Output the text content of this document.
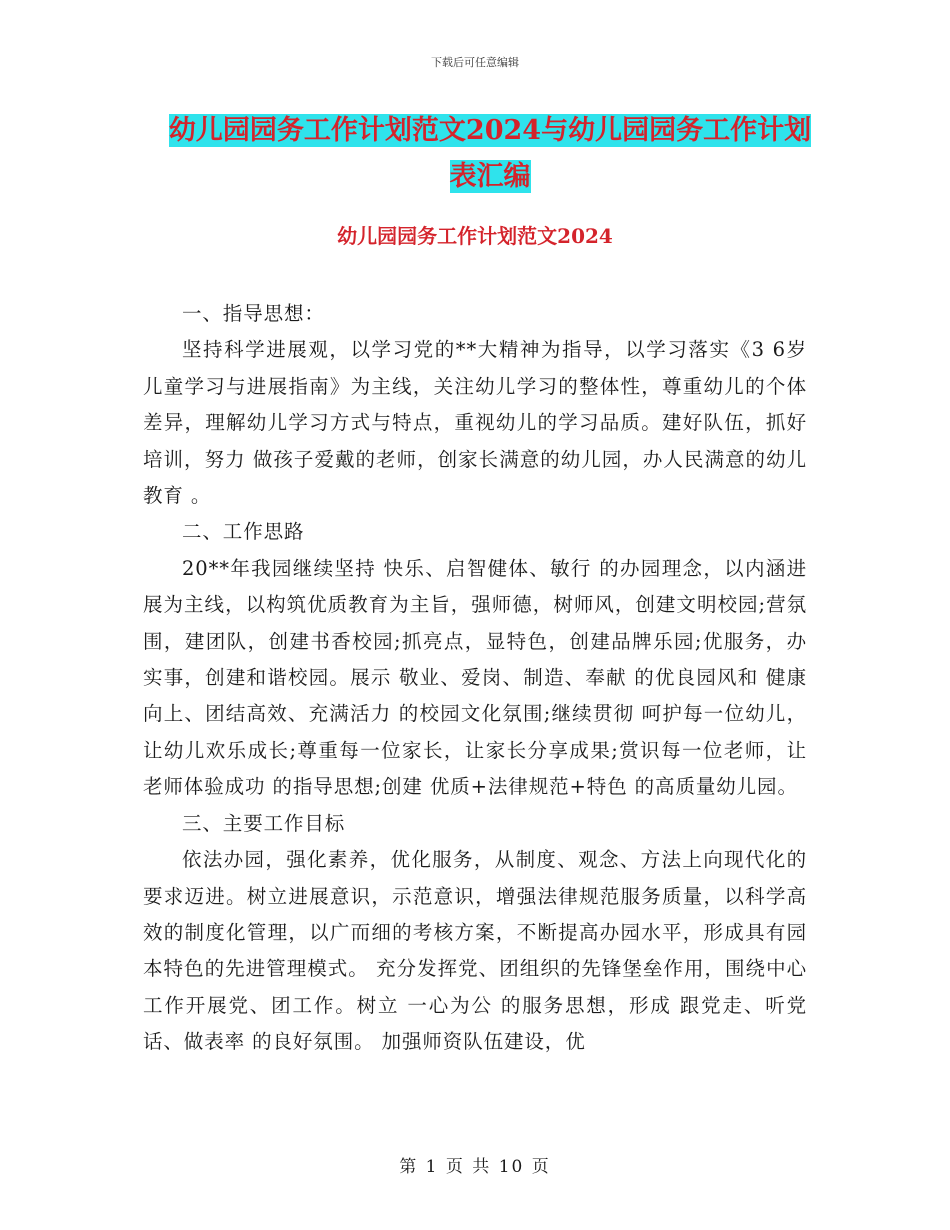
下载后可任意编辑
幼儿园园务工作计划范文2024与幼儿园园务工作计划
表汇编
幼儿园园务工作计划范文2024

一、指导思想：

坚持科学进展观，以学习党的**大精神为指导，以学习落实《3 6岁儿童学习与进展指南》为主线，关注幼儿学习的整体性，尊重幼儿的个体差异，理解幼儿学习方式与特点，重视幼儿的学习品质。建好队伍，抓好培训，努力 做孩子爱戴的老师，创家长满意的幼儿园，办人民满意的幼儿教育 。

二、工作思路

20**年我园继续坚持 快乐、启智健体、敏行 的办园理念，以内涵进展为主线，以构筑优质教育为主旨，强师德，树师风，创建文明校园;营氛围，建团队，创建书香校园;抓亮点，显特色，创建品牌乐园;优服务，办实事，创建和谐校园。展示 敬业、爱岗、制造、奉献 的优良园风和 健康向上、团结高效、充满活力 的校园文化氛围;继续贯彻 呵护每一位幼儿，让幼儿欢乐成长;尊重每一位家长，让家长分享成果;赏识每一位老师，让老师体验成功 的指导思想;创建 优质+法律规范+特色 的高质量幼儿园。

三、主要工作目标

依法办园，强化素养，优化服务，从制度、观念、方法上向现代化的要求迈进。树立进展意识，示范意识，增强法律规范服务质量，以科学高效的制度化管理，以广而细的考核方案，不断提高办园水平，形成具有园本特色的先进管理模式。 充分发挥党、团组织的先锋堡垒作用，围绕中心工作开展党、团工作。树立 一心为公 的服务思想，形成 跟党走、听党话、做表率 的良好氛围。 加强师资队伍建设，优

第 1 页 共 10 页
